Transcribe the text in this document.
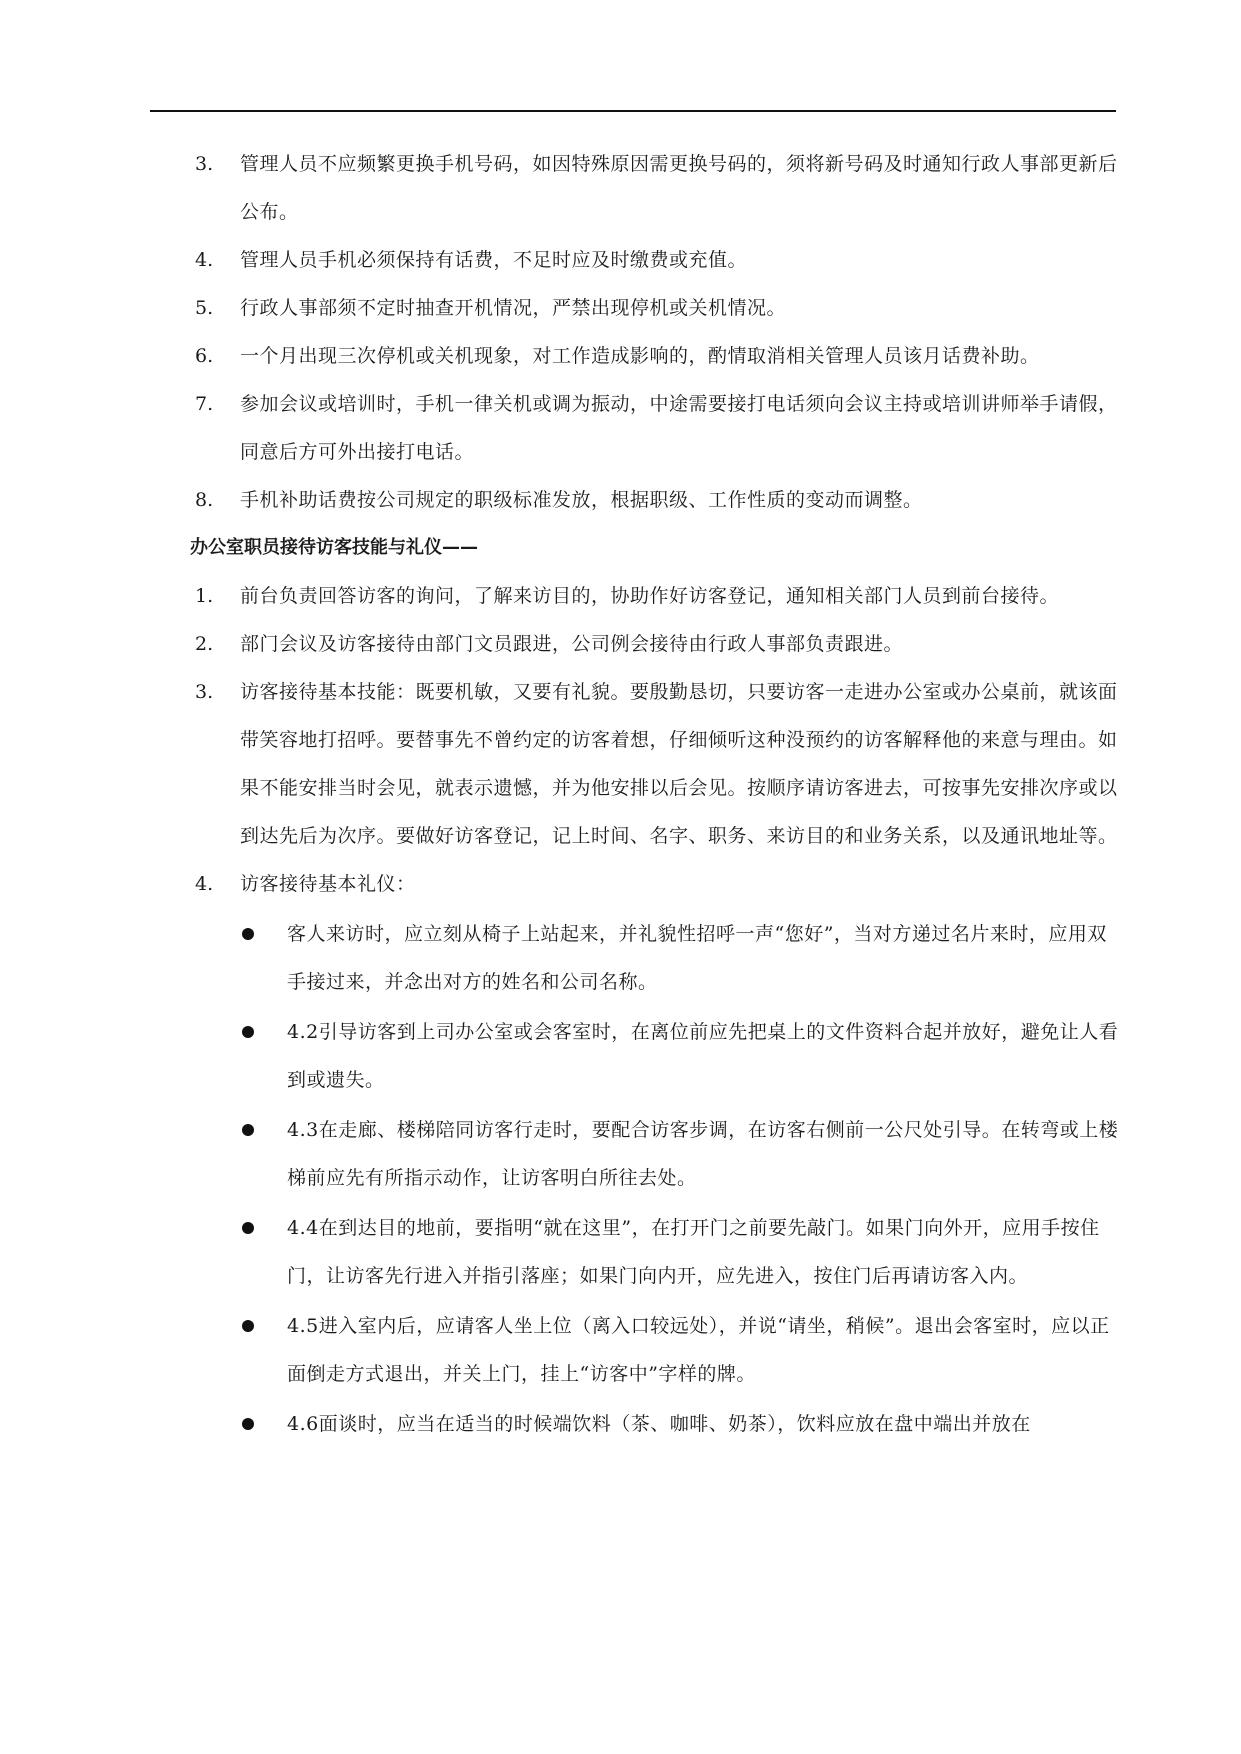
3.	管理人员不应频繁更换手机号码，如因特殊原因需更换号码的，须将新号码及时通知行政人事部更新后公布。
4.	管理人员手机必须保持有话费，不足时应及时缴费或充值。
5.	行政人事部须不定时抽查开机情况，严禁出现停机或关机情况。
6.	一个月出现三次停机或关机现象，对工作造成影响的，酌情取消相关管理人员该月话费补助。
7.	参加会议或培训时，手机一律关机或调为振动，中途需要接打电话须向会议主持或培训讲师举手请假，同意后方可外出接打电话。
8.	手机补助话费按公司规定的职级标准发放，根据职级、工作性质的变动而调整。
办公室职员接待访客技能与礼仪——
1.	前台负责回答访客的询问，了解来访目的，协助作好访客登记，通知相关部门人员到前台接待。
2.	部门会议及访客接待由部门文员跟进，公司例会接待由行政人事部负责跟进。
3.	访客接待基本技能：既要机敏，又要有礼貌。要殷勤恳切，只要访客一走进办公室或办公桌前，就该面带笑容地打招呼。要替事先不曾约定的访客着想，仔细倾听这种没预约的访客解释他的来意与理由。如果不能安排当时会见，就表示遗憾，并为他安排以后会见。按顺序请访客进去，可按事先安排次序或以到达先后为次序。要做好访客登记，记上时间、名字、职务、来访目的和业务关系，以及通讯地址等。
4.	访客接待基本礼仪：
客人来访时，应立刻从椅子上站起来，并礼貌性招呼一声“您好”，当对方递过名片来时，应用双手接过来，并念出对方的姓名和公司名称。
4.2引导访客到上司办公室或会客室时，在离位前应先把桌上的文件资料合起并放好，避免让人看到或遗失。
4.3在走廊、楼梯陪同访客行走时，要配合访客步调，在访客右侧前一公尺处引导。在转弯或上楼梯前应先有所指示动作，让访客明白所往去处。
4.4在到达目的地前，要指明“就在这里”，在打开门之前要先敲门。如果门向外开，应用手按住门，让访客先行进入并指引落座；如果门向内开，应先进入，按住门后再请访客入内。
4.5进入室内后，应请客人坐上位（离入口较远处），并说“请坐，稍候”。退出会客室时，应以正面倒走方式退出，并关上门，挂上“访客中”字样的牌。
4.6面谈时，应当在适当的时候端饮料（茶、咖啡、奶茶），饮料应放在盘中端出并放在
